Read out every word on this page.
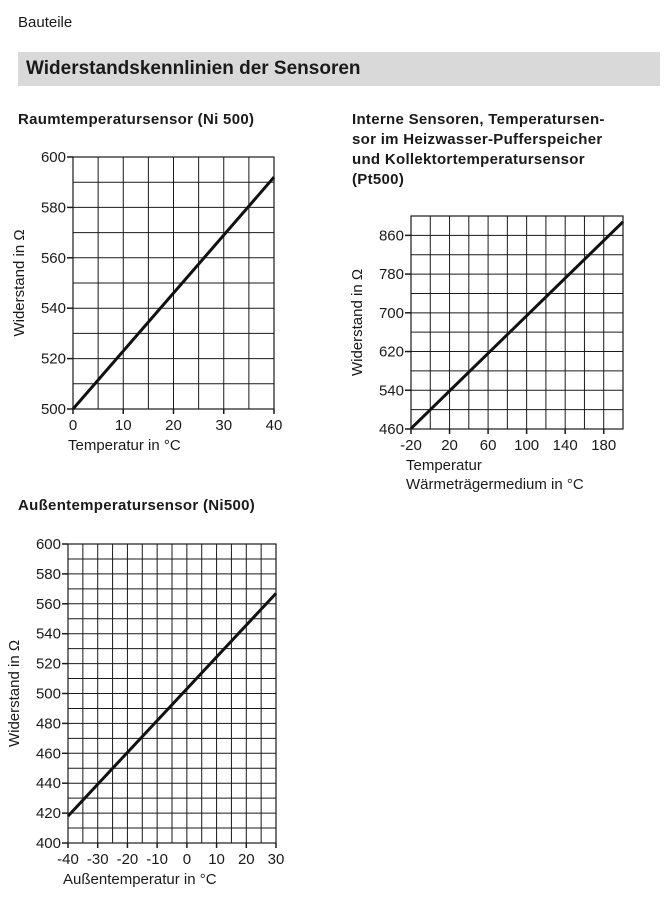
Bauteile
Widerstandskennlinien der Sensoren
Raumtemperatursensor (Ni 500)	Interne Sensoren, Temperatursen-
sor im Heizwasser-Pufferspeicher
und Kollektortemperatursensor
(Pt500)
Außentemperatursensor (Ni500)
500
520
540
560
580
600
0	10 20 30 40
Temperatur in °C
Widerstand in Ω
460
540
620
700
780
860
-20 20 60 100 140 180
Temperatur
Wärmeträgermedium in °C
Widerstand in Ω
400
420
440
460
480
500
520
540
560
580
600
-40 -30 -20 -10 0 10 20 30
Außentemperatur in °C
Widerstand in Ω
